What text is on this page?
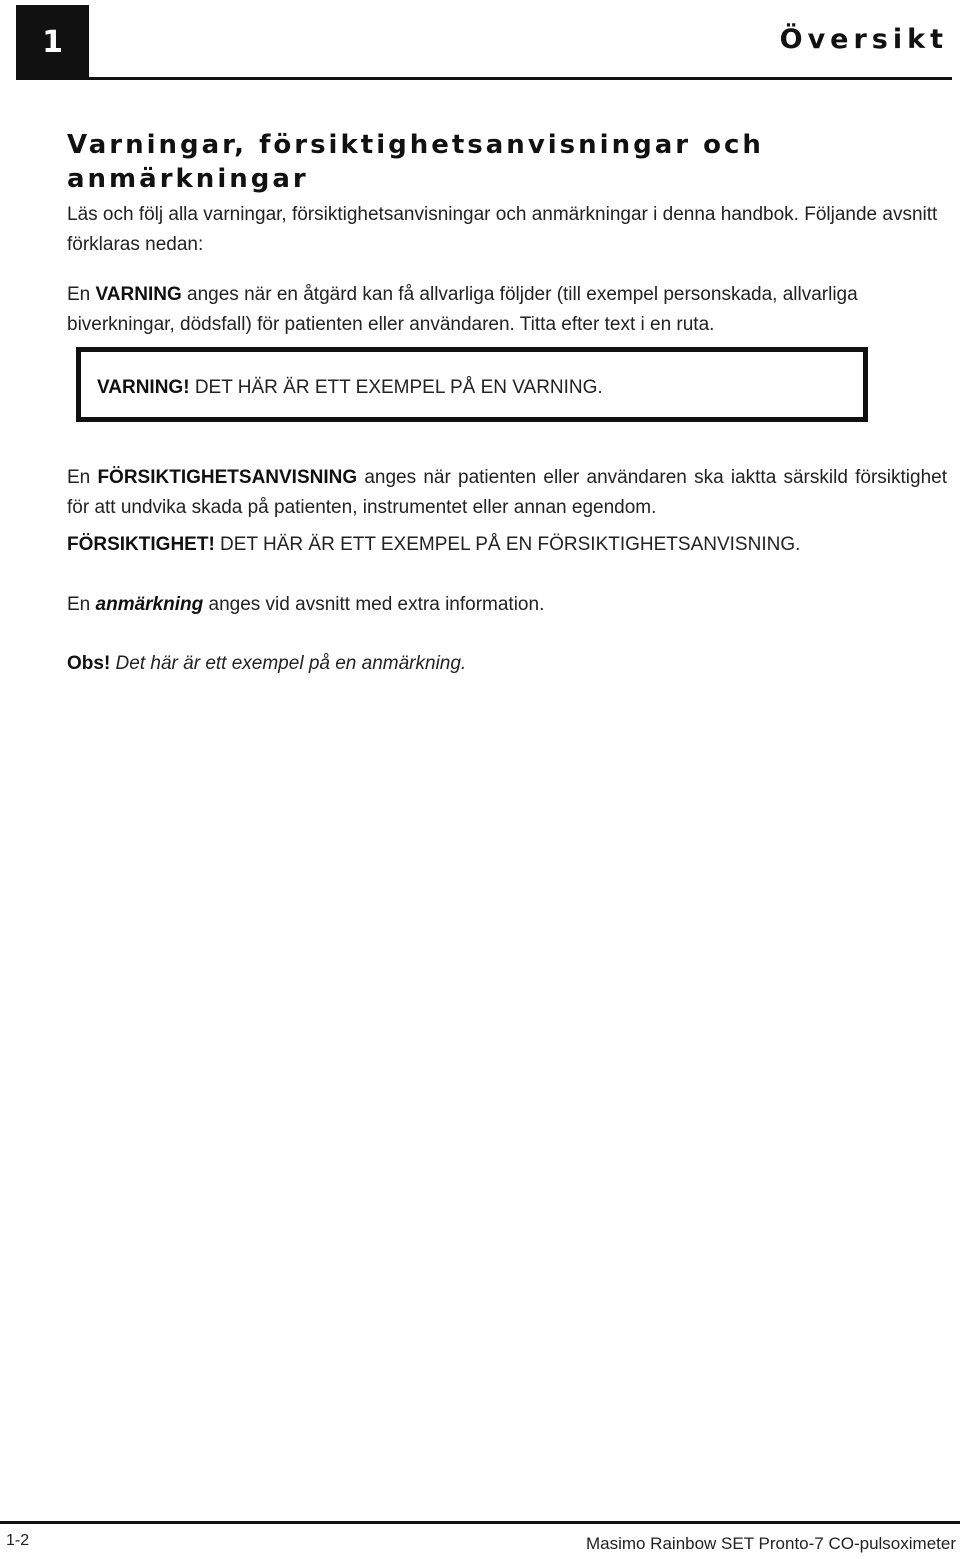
1	Översikt
Varningar, försiktighetsanvisningar och anmärkningar

Läs och följ alla varningar, försiktighetsanvisningar och anmärkningar i denna handbok. Följande avsnitt förklaras nedan:

En VARNING anges när en åtgärd kan få allvarliga följder (till exempel personskada, allvarliga biverkningar, dödsfall) för patienten eller användaren. Titta efter text i en ruta.

VARNING! DET HÄR ÄR ETT EXEMPEL PÅ EN VARNING.

En FÖRSIKTIGHETSANVISNING anges när patienten eller användaren ska iaktta särskild försiktighet för att undvika skada på patienten, instrumentet eller annan egendom.

FÖRSIKTIGHET! DET HÄR ÄR ETT EXEMPEL PÅ EN FÖRSIKTIGHETSANVISNING.

En anmärkning anges vid avsnitt med extra information.

Obs! Det här är ett exempel på en anmärkning.

1-2	Masimo Rainbow SET Pronto-7 CO-pulsoximeter
